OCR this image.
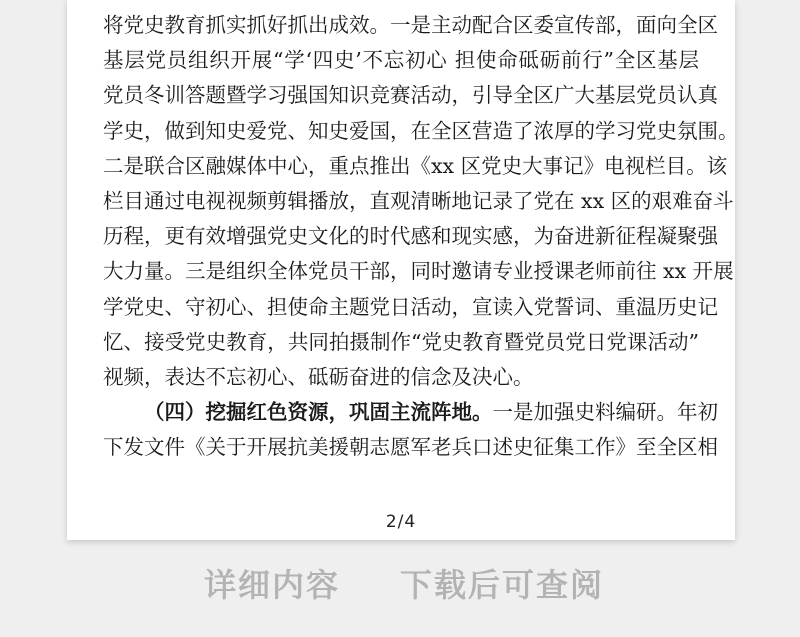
将党史教育抓实抓好抓出成效。一是主动配合区委宣传部，面向全区
基层党员组织开展“学‘四史’不忘初心 担使命砥砺前行”全区基层
党员冬训答题暨学习强国知识竞赛活动，引导全区广大基层党员认真
学史，做到知史爱党、知史爱国，在全区营造了浓厚的学习党史氛围。
二是联合区融媒体中心，重点推出《xx 区党史大事记》电视栏目。该
栏目通过电视视频剪辑播放，直观清晰地记录了党在 xx 区的艰难奋斗
历程，更有效增强党史文化的时代感和现实感，为奋进新征程凝聚强
大力量。三是组织全体党员干部，同时邀请专业授课老师前往 xx 开展
学党史、守初心、担使命主题党日活动，宣读入党誓词、重温历史记
忆、接受党史教育，共同拍摄制作“党史教育暨党员党日党课活动”
视频，表达不忘初心、砥砺奋进的信念及决心。
（四）挖掘红色资源，巩固主流阵地。一是加强史料编研。年初
下发文件《关于开展抗美援朝志愿军老兵口述史征集工作》至全区相
2/4
详细内容 下载后可查阅
